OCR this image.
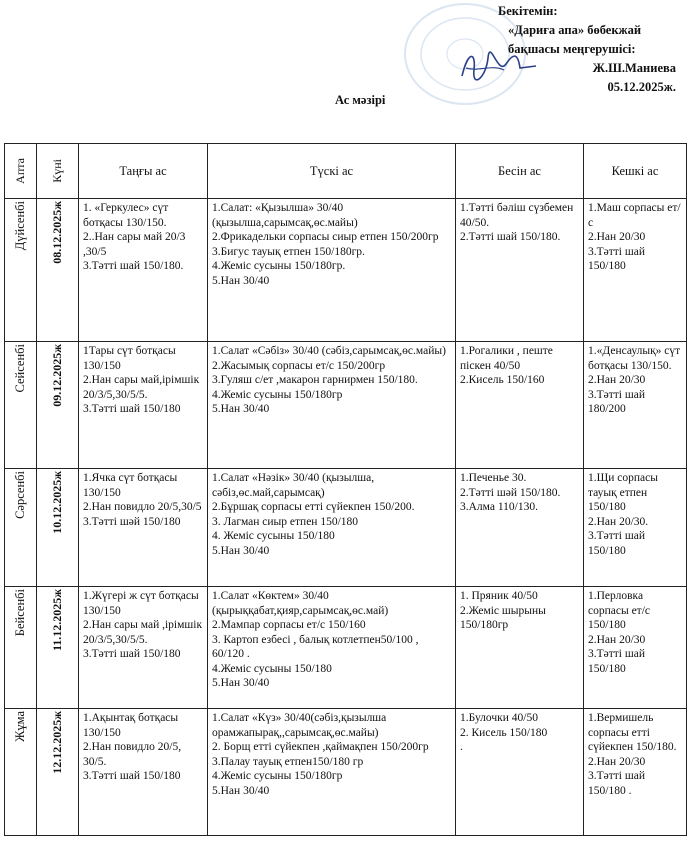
Бекітемін:
«Дариға апа» бөбекжай
бақшасы меңгерушісі:
Ж.Ш.Маниева
05.12.2025ж.
Ас мәзірі
Апта	Күні	Таңғы ас	Түскі ас	Бесін ас	Кешкі ас

Дүйсенбі	08.12.2025ж	1. «Геркулес» сүт ботқасы 130/150.
2..Нан сары май 20/3 ,30/5
3.Тәтті шай 150/180.	1.Салат: «Қызылша» 30/40 (қызылша,сарымсақ,өс.майы)
2.Фрикадельки сорпасы сиыр етпен 150/200гр
3.Бигус тауық етпен 150/180гр.
4.Жеміс сусыны 150/180гр.
5.Нан 30/40	1.Тәтті бәліш сүзбемен 40/50.
2.Тәтті шай 150/180.	1.Маш сорпасы ет/с
2.Нан 20/30
3.Тәтті шай 150/180

Сейсенбі	09.12.2025ж	1Тары сүт ботқасы 130/150
2.Нан сары май,ірімшік 20/3/5,30/5/5.
3.Тәтті шай 150/180	1.Салат «Сәбіз» 30/40 (сәбіз,сарымсақ,өс.майы)
2.Жасымық сорпасы ет/с 150/200гр
3.Гуляш с/ет ,макарон гарнирмен 150/180.
4.Жеміс сусыны 150/180гр
5.Нан 30/40	1.Рогалики , пеште піскен 40/50
2.Кисель 150/160	1.«Денсаулық» сүт ботқасы 130/150.
2.Нан 20/30
3.Тәтті шай 180/200

Сәрсенбі	10.12.2025ж	1.Ячка сүт ботқасы 130/150
2.Нан повидло 20/5,30/5
3.Тәтті шәй 150/180	1.Салат «Нәзік» 30/40 (қызылша, сәбіз,өс.май,сарымсақ)
2.Бұршақ сорпасы етті сүйекпен 150/200.
3. Лагман сиыр етпен 150/180
4. Жеміс сусыны 150/180
5.Нан 30/40	1.Печенье 30.
2.Тәтті шәй 150/180.
3.Алма 110/130.	1.Щи сорпасы тауық етпен 150/180
2.Нан 20/30.
3.Тәтті шай 150/180

Бейсенбі	11.12.2025ж	1.Жүгері ж сүт ботқасы 130/150
2.Нан сары май ,ірімшік 20/3/5,30/5/5.
3.Тәтті шай 150/180	1.Салат «Көктем» 30/40 (қырыққабат,қияр,сарымсақ,өс.май)
2.Мампар сорпасы ет/с 150/160
3. Картоп езбесі , балық котлетпен50/100 , 60/120 .
4.Жеміс сусыны 150/180
5.Нан 30/40	1. Пряник 40/50
2.Жеміс шырыны 150/180гр	1.Перловка сорпасы ет/с 150/180
2.Нан 20/30
3.Тәтті шай 150/180

Жұма	12.12.2025ж	1.Ақынтақ ботқасы 130/150
2.Нан повидло 20/5, 30/5.
3.Тәтті шай 150/180	1.Салат «Күз» 30/40(сәбіз,қызылша орамжапырақ,,сарымсақ,өс.майы)
2. Борщ етті сүйекпен ,қаймақпен 150/200гр
3.Палау тауық етпен150/180 гр
4.Жеміс сусыны 150/180гр
5.Нан 30/40	1.Булочки 40/50
2. Кисель 150/180
.	1.Вермишель сорпасы етті сүйекпен 150/180.
2.Нан 20/30
3.Тәтті шай 150/180 .
